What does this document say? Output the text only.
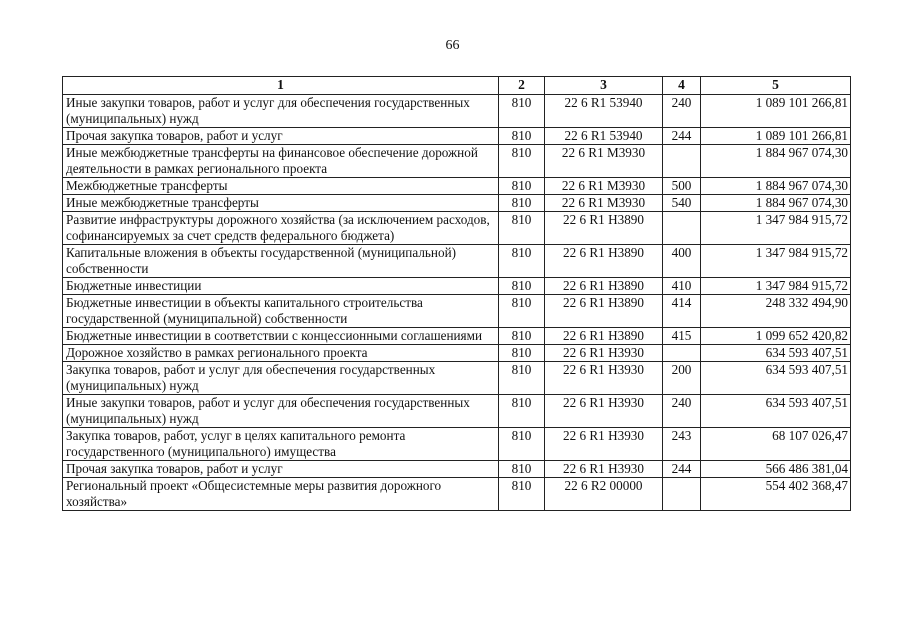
66
1	2	3	4	5
Иные закупки товаров, работ и услуг для обеспечения государственных (муниципальных) нужд	810	22 6 R1 53940	240	1 089 101 266,81
Прочая закупка товаров, работ и услуг	810	22 6 R1 53940	244	1 089 101 266,81
Иные межбюджетные трансферты на финансовое обеспечение дорожной деятельности в рамках регионального проекта	810	22 6 R1 M3930		1 884 967 074,30
Межбюджетные трансферты	810	22 6 R1 M3930	500	1 884 967 074,30
Иные межбюджетные трансферты	810	22 6 R1 M3930	540	1 884 967 074,30
Развитие инфраструктуры дорожного хозяйства (за исключением расходов, софинансируемых за счет средств федерального бюджета)	810	22 6 R1 H3890		1 347 984 915,72
Капитальные вложения в объекты государственной (муниципальной) собственности	810	22 6 R1 H3890	400	1 347 984 915,72
Бюджетные инвестиции	810	22 6 R1 H3890	410	1 347 984 915,72
Бюджетные инвестиции в объекты капитального строительства государственной (муниципальной) собственности	810	22 6 R1 H3890	414	248 332 494,90
Бюджетные инвестиции в соответствии с концессионными соглашениями	810	22 6 R1 H3890	415	1 099 652 420,82
Дорожное хозяйство в рамках регионального проекта	810	22 6 R1 H3930		634 593 407,51
Закупка товаров, работ и услуг для обеспечения государственных (муниципальных) нужд	810	22 6 R1 H3930	200	634 593 407,51
Иные закупки товаров, работ и услуг для обеспечения государственных (муниципальных) нужд	810	22 6 R1 H3930	240	634 593 407,51
Закупка товаров, работ, услуг в целях капитального ремонта государственного (муниципального) имущества	810	22 6 R1 H3930	243	68 107 026,47
Прочая закупка товаров, работ и услуг	810	22 6 R1 H3930	244	566 486 381,04
Региональный проект «Общесистемные меры развития дорожного хозяйства»	810	22 6 R2 00000		554 402 368,47
